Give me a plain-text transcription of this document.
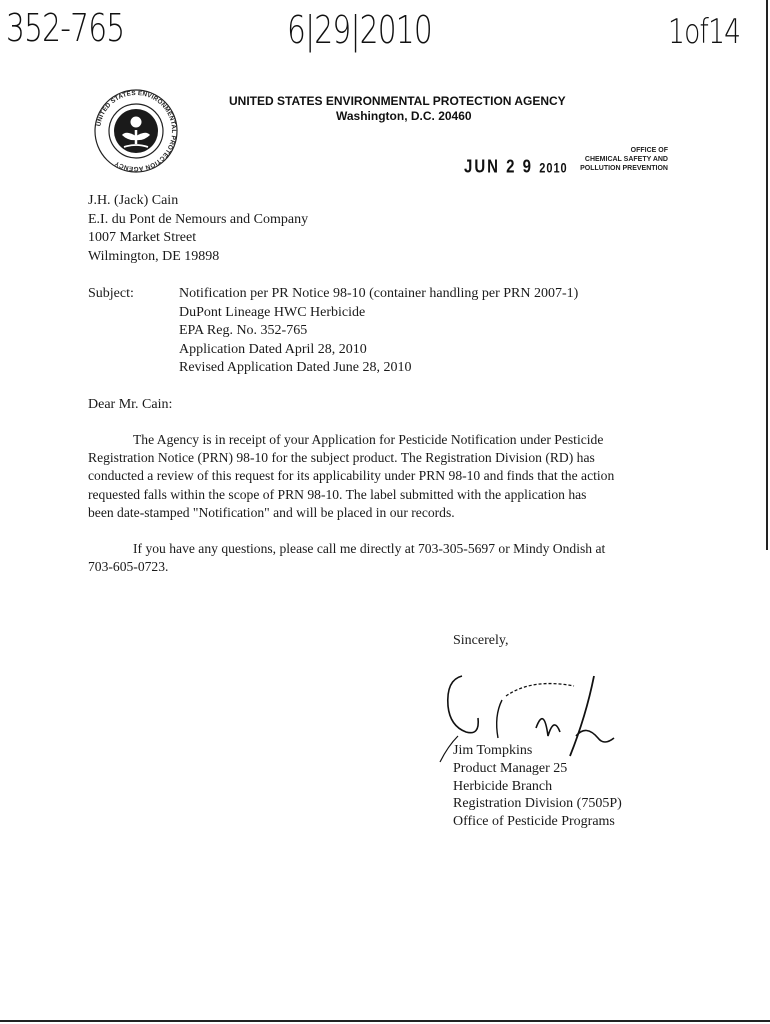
352-765	6|29|2010	1of14
UNITED STATES ENVIRONMENTAL PROTECTION AGENCY
UNITED STATES ENVIRONMENTAL PROTECTION AGENCY
Washington, D.C. 20460
OFFICE OF
CHEMICAL SAFETY AND
POLLUTION PREVENTION
JUN 2 9 2010
J.H. (Jack) Cain
E.I. du Pont de Nemours and Company
1007 Market Street
Wilmington, DE 19898
Subject:	Notification per PR Notice 98-10 (container handling per PRN 2007-1)
DuPont Lineage HWC Herbicide
EPA Reg. No. 352-765
Application Dated April 28, 2010
Revised Application Dated June 28, 2010
Dear Mr. Cain:
The Agency is in receipt of your Application for Pesticide Notification under Pesticide
Registration Notice (PRN) 98-10 for the subject product. The Registration Division (RD) has
conducted a review of this request for its applicability under PRN 98-10 and finds that the action
requested falls within the scope of PRN 98-10. The label submitted with the application has
been date-stamped "Notification" and will be placed in our records.
If you have any questions, please call me directly at 703-305-5697 or Mindy Ondish at
703-605-0723.
Sincerely,
Jim Tompkins
Product Manager 25
Herbicide Branch
Registration Division (7505P)
Office of Pesticide Programs
